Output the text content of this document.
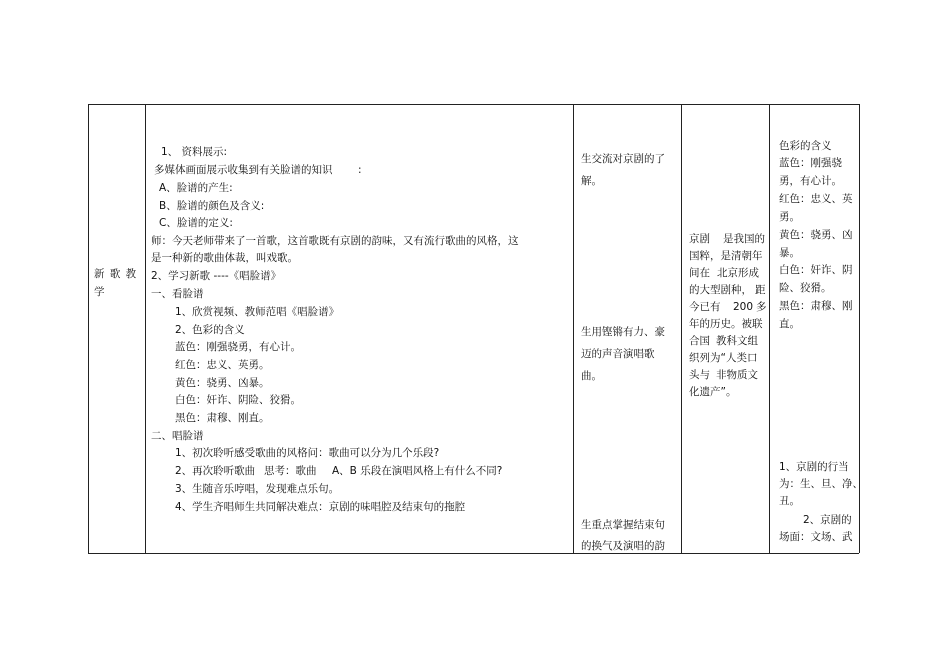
新 歌 教
学
1、 资料展示:
多媒体画面展示收集到有关脸谱的知识 :
A、脸谱的产生:
B、脸谱的颜色及含义:
C、脸谱的定义:
师：今天老师带来了一首歌，这首歌既有京剧的韵味，又有流行歌曲的风格，这
是一种新的歌曲体裁，叫戏歌。
2、学习新歌 ----《唱脸谱》
一、看脸谱
1、欣赏视频、教师范唱《唱脸谱》
2、色彩的含义
蓝色：刚强骁勇，有心计。
红色：忠义、英勇。
黄色：骁勇、凶暴。
白色：奸诈、阴险、狡猾。
黑色：肃穆、刚直。
二、唱脸谱
1、初次聆听感受歌曲的风格问：歌曲可以分为几个乐段?
2、再次聆听歌曲 思考：歌曲 A、B 乐段在演唱风格上有什么不同?
3、生随音乐哼唱，发现难点乐句。
4、学生齐唱师生共同解决难点：京剧的味唱腔及结束句的拖腔
生交流对京剧的了
解。
生用铿锵有力、豪
迈的声音演唱歌
曲。
生重点掌握结束句
的换气及演唱的韵
京剧 是我国的
国粹，是清朝年
间在 北京形成
的大型剧种， 距
今已有 200 多
年的历史。被联
合国 教科文组
织列为“人类口
头与 非物质文
化遗产”。
色彩的含义
蓝色：刚强骁
勇，有心计。
红色：忠义、英
勇。
黄色：骁勇、凶
暴。
白色：奸诈、阴
险、狡猾。
黑色：肃穆、刚
直。
1、京剧的行当
为：生、旦、净、
丑。
2、京剧的
场面：文场、武
